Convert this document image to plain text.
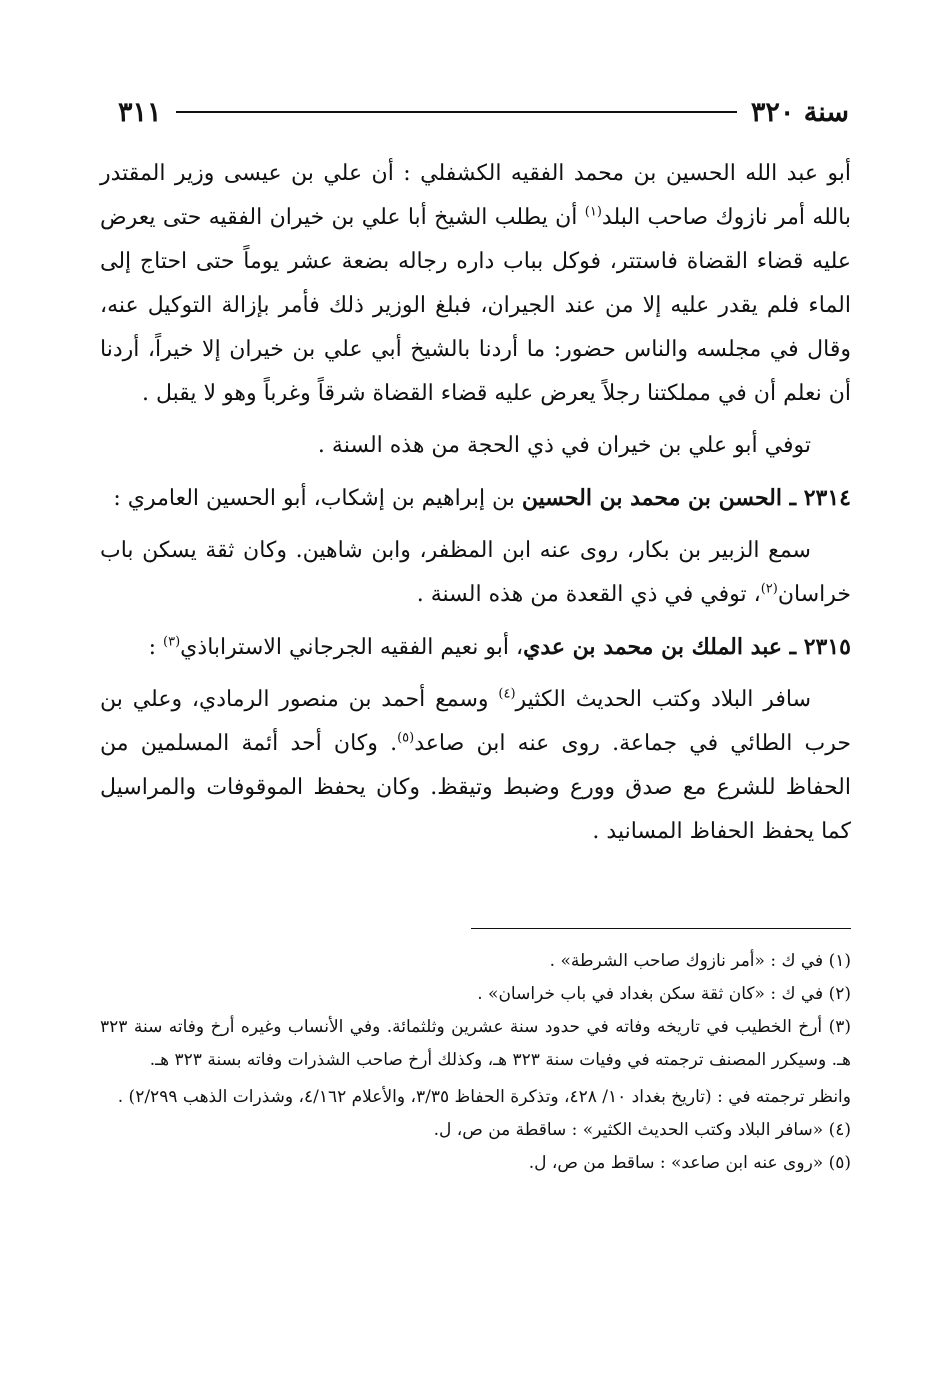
سنة ٣٢٠
٣١١

أبو عبد الله الحسين بن محمد الفقيه الكشفلي : أن علي بن عيسى وزير المقتدر بالله أمر نازوك صاحب البلد$^{(١)}$ أن يطلب الشيخ أبا علي بن خيران الفقيه حتى يعرض عليه قضاء القضاة فاستتر، فوكل بباب داره رجاله بضعة عشر يوماً حتى احتاج إلى الماء فلم يقدر عليه إلا من عند الجيران، فبلغ الوزير ذلك فأمر بإزالة التوكيل عنه، وقال في مجلسه والناس حضور: ما أردنا بالشيخ أبي علي بن خيران إلا خيراً، أردنا أن نعلم أن في مملكتنا رجلاً يعرض عليه قضاء القضاة شرقاً وغرباً وهو لا يقبل .

توفي أبو علي بن خيران في ذي الحجة من هذه السنة .

٢٣١٤ ـ الحسن بن محمد بن الحسين بن إبراهيم بن إشكاب، أبو الحسين العامري :

سمع الزبير بن بكار، روى عنه ابن المظفر، وابن شاهين. وكان ثقة يسكن باب خراسان$^{(٢)}$، توفي في ذي القعدة من هذه السنة .

٢٣١٥ ـ عبد الملك بن محمد بن عدي، أبو نعيم الفقيه الجرجاني الاستراباذي$^{(٣)}$ :

سافر البلاد وكتب الحديث الكثير$^{(٤)}$ وسمع أحمد بن منصور الرمادي، وعلي بن حرب الطائي في جماعة. روى عنه ابن صاعد$^{(٥)}$. وكان أحد أئمة المسلمين من الحفاظ للشرع مع صدق وورع وضبط وتيقظ. وكان يحفظ الموقوفات والمراسيل كما يحفظ الحفاظ المسانيد .

(١) في ك : «أمر نازوك صاحب الشرطة» .

(٢) في ك : «كان ثقة سكن بغداد في باب خراسان» .

(٣) أرخ الخطيب في تاريخه وفاته في حدود سنة عشرين وثلثمائة. وفي الأنساب وغيره أرخ وفاته سنة ٣٢٣ هـ. وسيكرر المصنف ترجمته في وفيات سنة ٣٢٣ هـ، وكذلك أرخ صاحب الشذرات وفاته بسنة ٣٢٣ هـ.

وانظر ترجمته في : (تاريخ بغداد ١٠/ ٤٢٨، وتذكرة الحفاظ ٣/٣٥، والأعلام ٤/١٦٢، وشذرات الذهب ٢/٢٩٩) .

(٤) «سافر البلاد وكتب الحديث الكثير» : ساقطة من ص، ل.

(٥) «روى عنه ابن صاعد» : ساقط من ص، ل.
